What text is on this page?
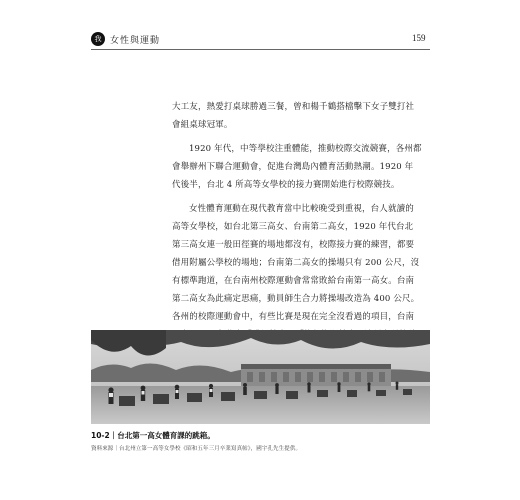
我 女性與運動	159

大工友，熱愛打桌球勝過三餐，曾和楊千鶴搭檔擊下女子雙打社
會組桌球冠軍。

1920 年代，中等學校注重體能，推動校際交流競賽，各州都
會舉辦州下聯合運動會，促進台灣島內體育活動熱潮。1920 年
代後半，台北 4 所高等女學校的接力賽開始進行校際競技。

女性體育運動在現代教育當中比較晚受到重視，台人就讀的
高等女學校，如台北第三高女、台南第二高女，1920 年代台北
第三高女連一般田徑賽的場地都沒有，校際接力賽的練習，都要
借用附屬公學校的場地；台南第二高女的操場只有 200 公尺，沒
有標準跑道，在台南州校際運動會常常敗給台南第一高女。台南
第二高女為此痛定思痛，動員師生合力將操場改造為 400 公尺。
各州的校際運動會中，有些比賽是現在完全沒看過的項目，台南

10-2｜台北第一高女體育課的跳箱。
資料來源｜台北州立第一高等女學校《昭和五年三月卒業寫真帖》，國宇孔先生提供。
